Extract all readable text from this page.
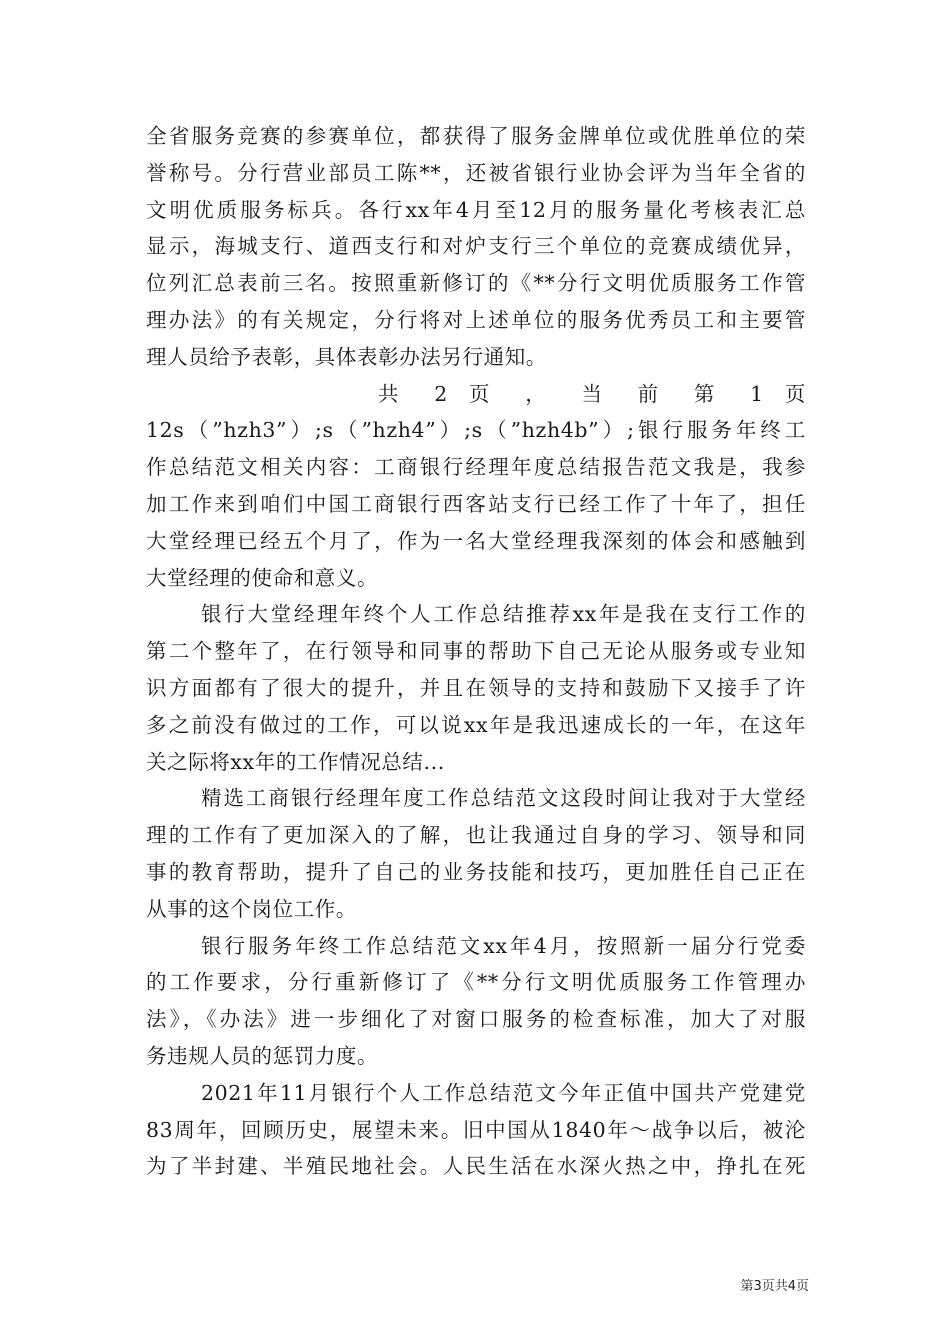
全省服务竞赛的参赛单位，都获得了服务金牌单位或优胜单位的荣
誉称号。分行营业部员工陈**，还被省银行业协会评为当年全省的
文明优质服务标兵。各行xx年4月至12月的服务量化考核表汇总
显示，海城支行、道西支行和对炉支行三个单位的竞赛成绩优异，
位列汇总表前三名。按照重新修订的《**分行文明优质服务工作管
理办法》的有关规定，分行将对上述单位的服务优秀员工和主要管
理人员给予表彰，具体表彰办法另行通知。
共 2 页 ， 当 前 第 1 页
12s（”hzh3”）;s（”hzh4”）;s（”hzh4b”）;银行服务年终工
作总结范文相关内容：工商银行经理年度总结报告范文我是，我参
加工作来到咱们中国工商银行西客站支行已经工作了十年了，担任
大堂经理已经五个月了，作为一名大堂经理我深刻的体会和感触到
大堂经理的使命和意义。
银行大堂经理年终个人工作总结推荐xx年是我在支行工作的
第二个整年了，在行领导和同事的帮助下自己无论从服务或专业知
识方面都有了很大的提升，并且在领导的支持和鼓励下又接手了许
多之前没有做过的工作，可以说xx年是我迅速成长的一年，在这年
关之际将xx年的工作情况总结...
精选工商银行经理年度工作总结范文这段时间让我对于大堂经
理的工作有了更加深入的了解，也让我通过自身的学习、领导和同
事的教育帮助，提升了自己的业务技能和技巧，更加胜任自己正在
从事的这个岗位工作。
银行服务年终工作总结范文xx年4月，按照新一届分行党委
的工作要求，分行重新修订了《**分行文明优质服务工作管理办
法》，《办法》进一步细化了对窗口服务的检查标准，加大了对服
务违规人员的惩罚力度。
2021年11月银行个人工作总结范文今年正值中国共产党建党
83周年，回顾历史，展望未来。旧中国从1840年～战争以后，被沦
为了半封建、半殖民地社会。人民生活在水深火热之中，挣扎在死
第3页共4页
